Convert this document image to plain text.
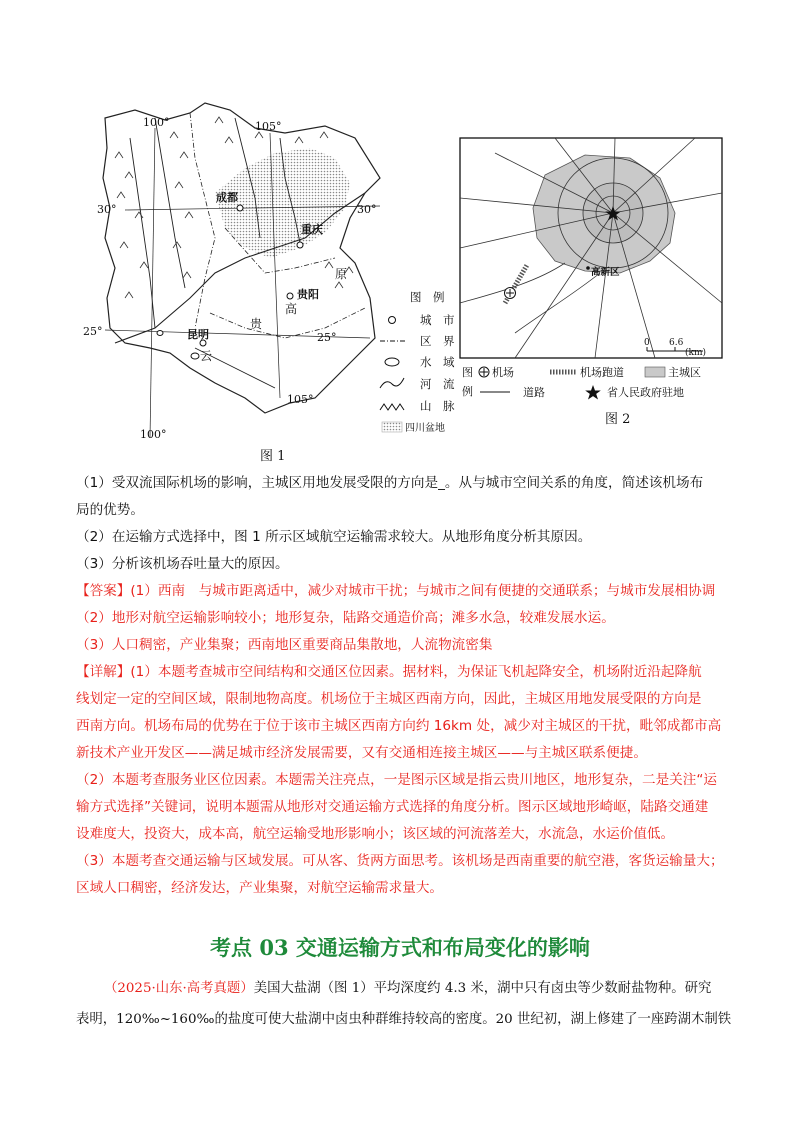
成都
重庆
贵阳
昆明
云
贵
高
原
100°	105°
30°	30°
25°	25°
105°
100°
图　例
城　市
区　界
水　域
河　流
山　脉
四川盆地
图 1
高新区
0 6.6
(km)
图
例
机场	机场跑道	主城区
道路	省人民政府驻地
图 2
（1）受双流国际机场的影响，主城区用地发展受限的方向是_。从与城市空间关系的角度，简述该机场布
局的优势。
（2）在运输方式选择中，图 1 所示区域航空运输需求较大。从地形角度分析其原因。
（3）分析该机场吞吐量大的原因。
【答案】(1）西南　与城市距离适中，减少对城市干扰；与城市之间有便捷的交通联系；与城市发展相协调
（2）地形对航空运输影响较小；地形复杂，陆路交通造价高；滩多水急，较难发展水运。
（3）人口稠密，产业集聚；西南地区重要商品集散地，人流物流密集
【详解】(1）本题考查城市空间结构和交通区位因素。据材料，为保证飞机起降安全，机场附近沿起降航
线划定一定的空间区域，限制地物高度。机场位于主城区西南方向，因此，主城区用地发展受限的方向是
西南方向。机场布局的优势在于位于该市主城区西南方向约 16km 处，减少对主城区的干扰，毗邻成都市高
新技术产业开发区——满足城市经济发展需要，又有交通相连接主城区——与主城区联系便捷。
（2）本题考查服务业区位因素。本题需关注亮点，一是图示区域是指云贵川地区，地形复杂，二是关注“运
输方式选择”关键词，说明本题需从地形对交通运输方式选择的角度分析。图示区域地形崎岖，陆路交通建
设难度大，投资大，成本高，航空运输受地形影响小；该区域的河流落差大，水流急，水运价值低。
（3）本题考查交通运输与区域发展。可从客、货两方面思考。该机场是西南重要的航空港，客货运输量大；
区域人口稠密，经济发达，产业集聚，对航空运输需求量大。
考点 03 交通运输方式和布局变化的影响
（2025·山东·高考真题）美国大盐湖（图 1）平均深度约 4.3 米，湖中只有卤虫等少数耐盐物种。研究
表明，120‰~160‰的盐度可使大盐湖中卤虫种群维持较高的密度。20 世纪初，湖上修建了一座跨湖木制铁
